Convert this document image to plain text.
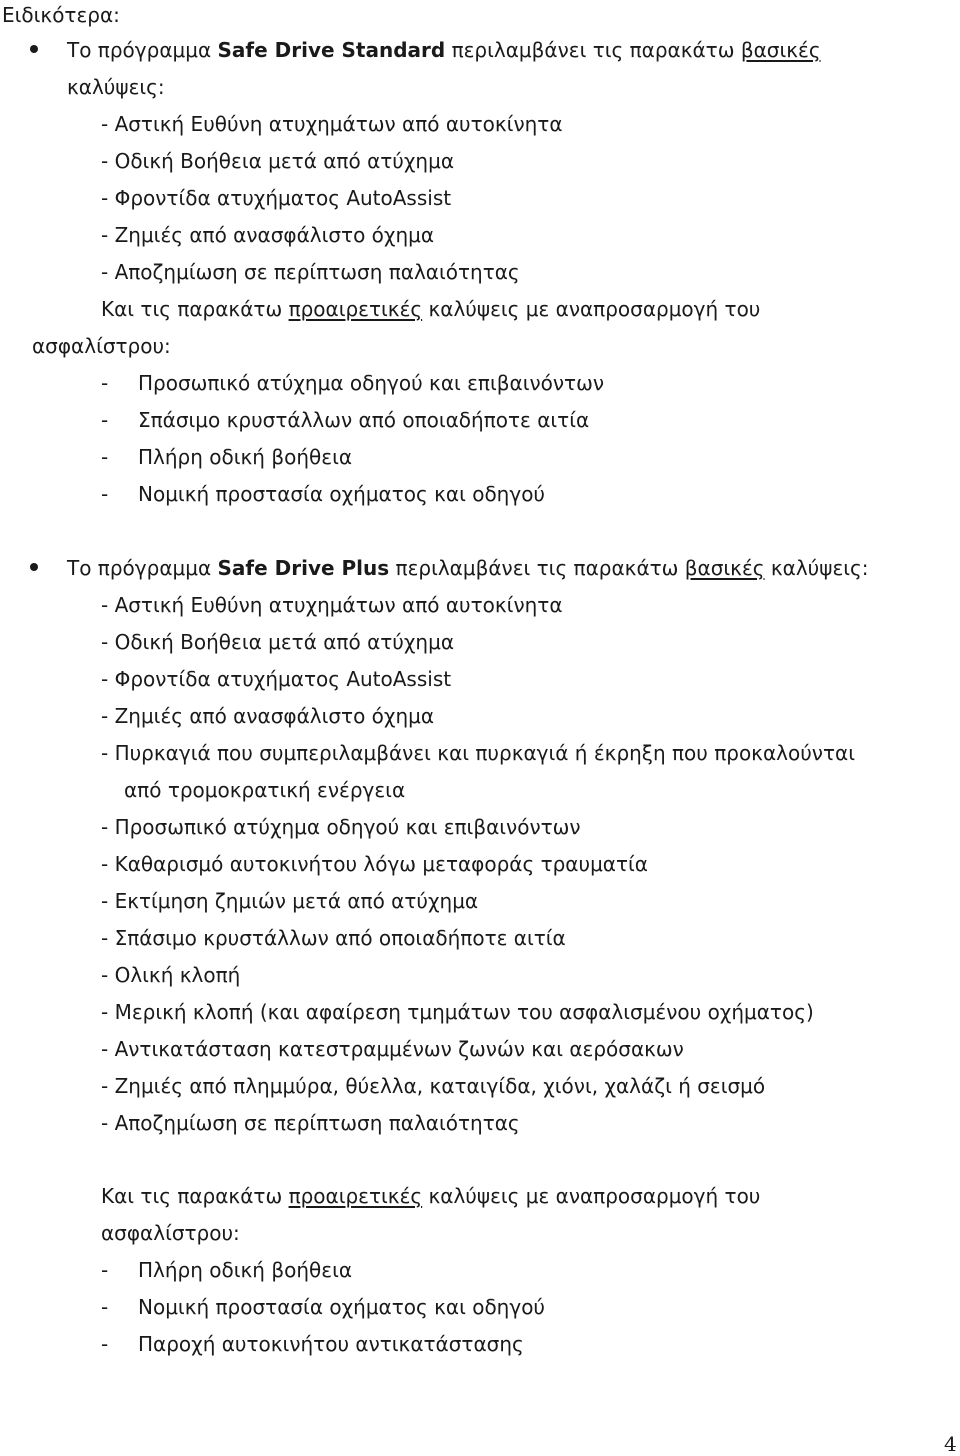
Ειδικότερα:
Το πρόγραμμα Safe Drive Standard περιλαμβάνει τις παρακάτω βασικές
καλύψεις:
- Αστική Ευθύνη ατυχημάτων από αυτοκίνητα
- Οδική Βοήθεια μετά από ατύχημα
- Φροντίδα ατυχήματος AutoAssist
- Ζημιές από ανασφάλιστο όχημα
- Αποζημίωση σε περίπτωση παλαιότητας
Και τις παρακάτω προαιρετικές καλύψεις με αναπροσαρμογή του
ασφαλίστρου:
- Προσωπικό ατύχημα οδηγού και επιβαινόντων
- Σπάσιμο κρυστάλλων από οποιαδήποτε αιτία
- Πλήρη οδική βοήθεια
- Νομική προστασία οχήματος και οδηγού
Το πρόγραμμα Safe Drive Plus περιλαμβάνει τις παρακάτω βασικές καλύψεις:
- Αστική Ευθύνη ατυχημάτων από αυτοκίνητα
- Οδική Βοήθεια μετά από ατύχημα
- Φροντίδα ατυχήματος AutoAssist
- Ζημιές από ανασφάλιστο όχημα
- Πυρκαγιά που συμπεριλαμβάνει και πυρκαγιά ή έκρηξη που προκαλούνται
από τρομοκρατική ενέργεια
- Προσωπικό ατύχημα οδηγού και επιβαινόντων
- Καθαρισμό αυτοκινήτου λόγω μεταφοράς τραυματία
- Εκτίμηση ζημιών μετά από ατύχημα
- Σπάσιμο κρυστάλλων από οποιαδήποτε αιτία
- Ολική κλοπή
- Μερική κλοπή (και αφαίρεση τμημάτων του ασφαλισμένου οχήματος)
- Αντικατάσταση κατεστραμμένων ζωνών και αερόσακων
- Ζημιές από πλημμύρα, θύελλα, καταιγίδα, χιόνι, χαλάζι ή σεισμό
- Αποζημίωση σε περίπτωση παλαιότητας
Και τις παρακάτω προαιρετικές καλύψεις με αναπροσαρμογή του
ασφαλίστρου:
- Πλήρη οδική βοήθεια
- Νομική προστασία οχήματος και οδηγού
- Παροχή αυτοκινήτου αντικατάστασης
4
